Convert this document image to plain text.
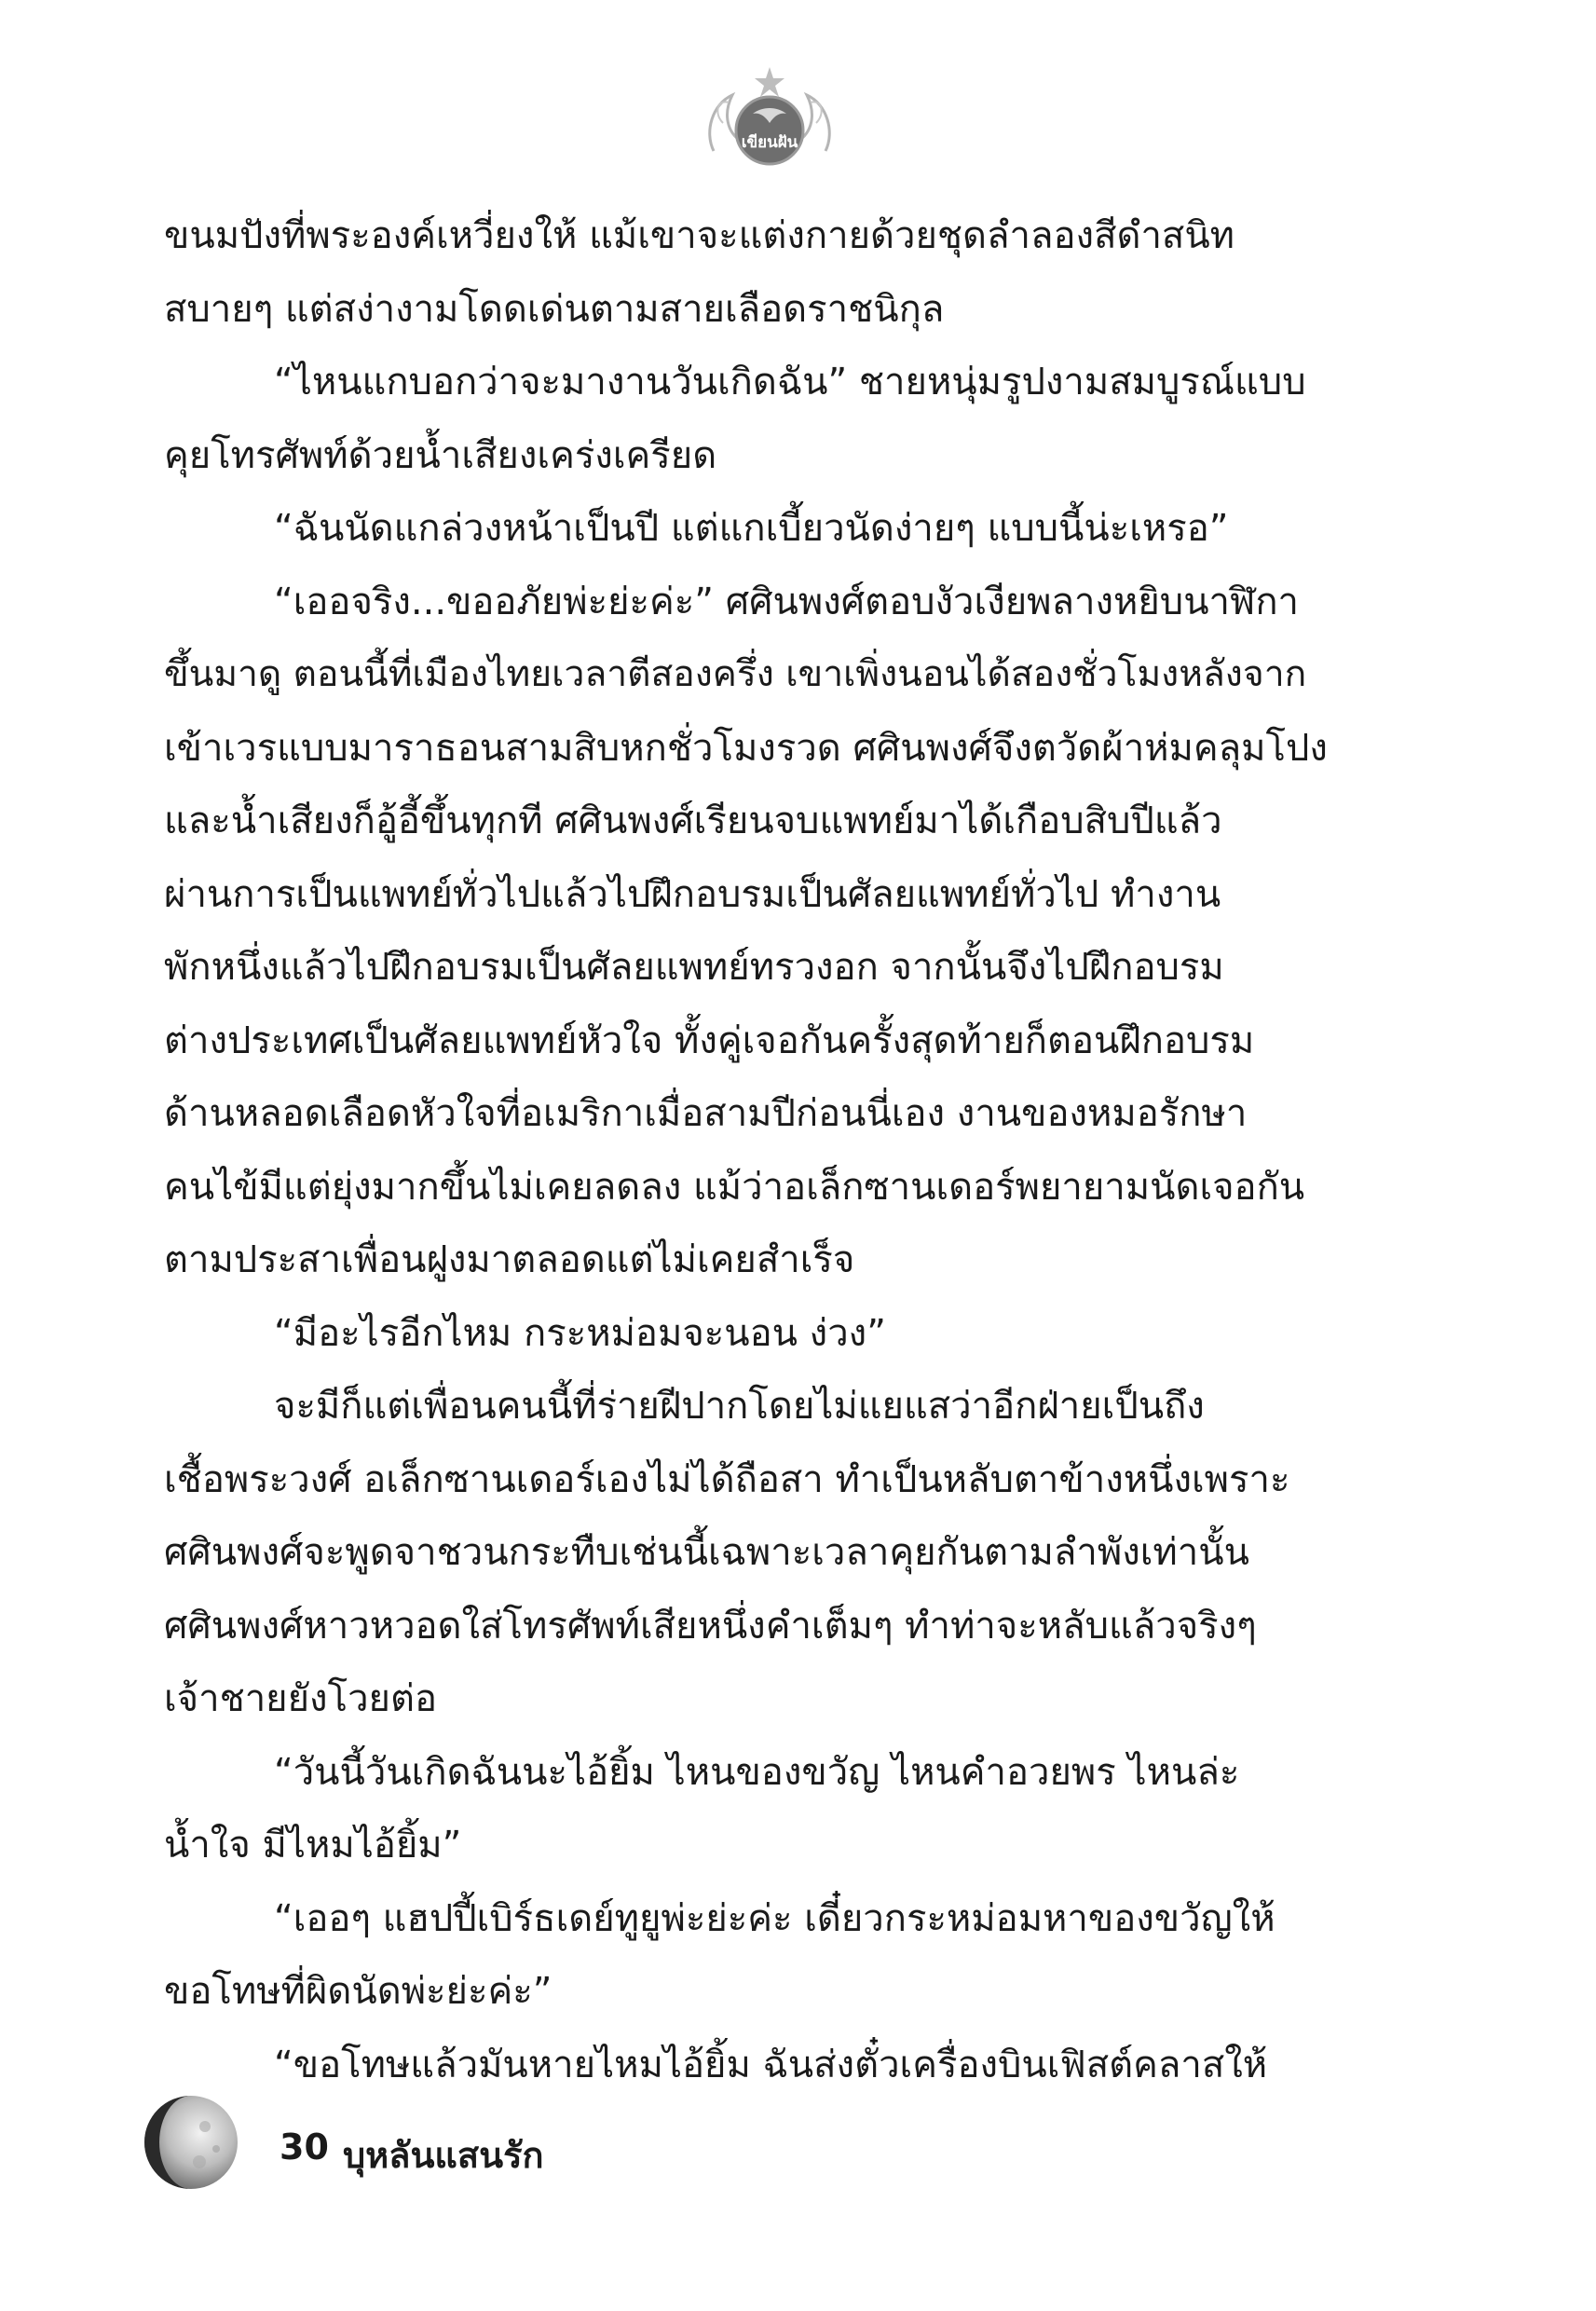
เขียนฝัน

ขนมปังที่พระองค์เหวี่ยงให้ แม้เขาจะแต่งกายด้วยชุดลำลองสีดำสนิท

สบายๆ แต่สง่างามโดดเด่นตามสายเลือดราชนิกุล

“ไหนแกบอกว่าจะมางานวันเกิดฉัน” ชายหนุ่มรูปงามสมบูรณ์แบบ

คุยโทรศัพท์ด้วยน้ำเสียงเคร่งเครียด

“ฉันนัดแกล่วงหน้าเป็นปี แต่แกเบี้ยวนัดง่ายๆ แบบนี้น่ะเหรอ”

“เออจริง...ขออภัยพ่ะย่ะค่ะ” ศศินพงศ์ตอบงัวเงียพลางหยิบนาฬิกา

ขึ้นมาดู ตอนนี้ที่เมืองไทยเวลาตีสองครึ่ง เขาเพิ่งนอนได้สองชั่วโมงหลังจาก

เข้าเวรแบบมาราธอนสามสิบหกชั่วโมงรวด ศศินพงศ์จึงตวัดผ้าห่มคลุมโปง

และน้ำเสียงก็อู้อี้ขึ้นทุกที ศศินพงศ์เรียนจบแพทย์มาได้เกือบสิบปีแล้ว

ผ่านการเป็นแพทย์ทั่วไปแล้วไปฝึกอบรมเป็นศัลยแพทย์ทั่วไป ทำงาน

พักหนึ่งแล้วไปฝึกอบรมเป็นศัลยแพทย์ทรวงอก จากนั้นจึงไปฝึกอบรม

ต่างประเทศเป็นศัลยแพทย์หัวใจ ทั้งคู่เจอกันครั้งสุดท้ายก็ตอนฝึกอบรม

ด้านหลอดเลือดหัวใจที่อเมริกาเมื่อสามปีก่อนนี่เอง งานของหมอรักษา

คนไข้มีแต่ยุ่งมากขึ้นไม่เคยลดลง แม้ว่าอเล็กซานเดอร์พยายามนัดเจอกัน

ตามประสาเพื่อนฝูงมาตลอดแต่ไม่เคยสำเร็จ

“มีอะไรอีกไหม กระหม่อมจะนอน ง่วง”

จะมีก็แต่เพื่อนคนนี้ที่ร่ายฝีปากโดยไม่แยแสว่าอีกฝ่ายเป็นถึง

เชื้อพระวงศ์ อเล็กซานเดอร์เองไม่ได้ถือสา ทำเป็นหลับตาข้างหนึ่งเพราะ

ศศินพงศ์จะพูดจาชวนกระทืบเช่นนี้เฉพาะเวลาคุยกันตามลำพังเท่านั้น

ศศินพงศ์หาวหวอดใส่โทรศัพท์เสียหนึ่งคำเต็มๆ ทำท่าจะหลับแล้วจริงๆ

เจ้าชายยังโวยต่อ

“วันนี้วันเกิดฉันนะไอ้ยิ้ม ไหนของขวัญ ไหนคำอวยพร ไหนล่ะ

น้ำใจ มีไหมไอ้ยิ้ม”

“เออๆ แฮปปี้เบิร์ธเดย์ทูยูพ่ะย่ะค่ะ เดี๋ยวกระหม่อมหาของขวัญให้

ขอโทษที่ผิดนัดพ่ะย่ะค่ะ”

“ขอโทษแล้วมันหายไหมไอ้ยิ้ม ฉันส่งตั๋วเครื่องบินเฟิสต์คลาสให้

30 บุหลันแสนรัก
